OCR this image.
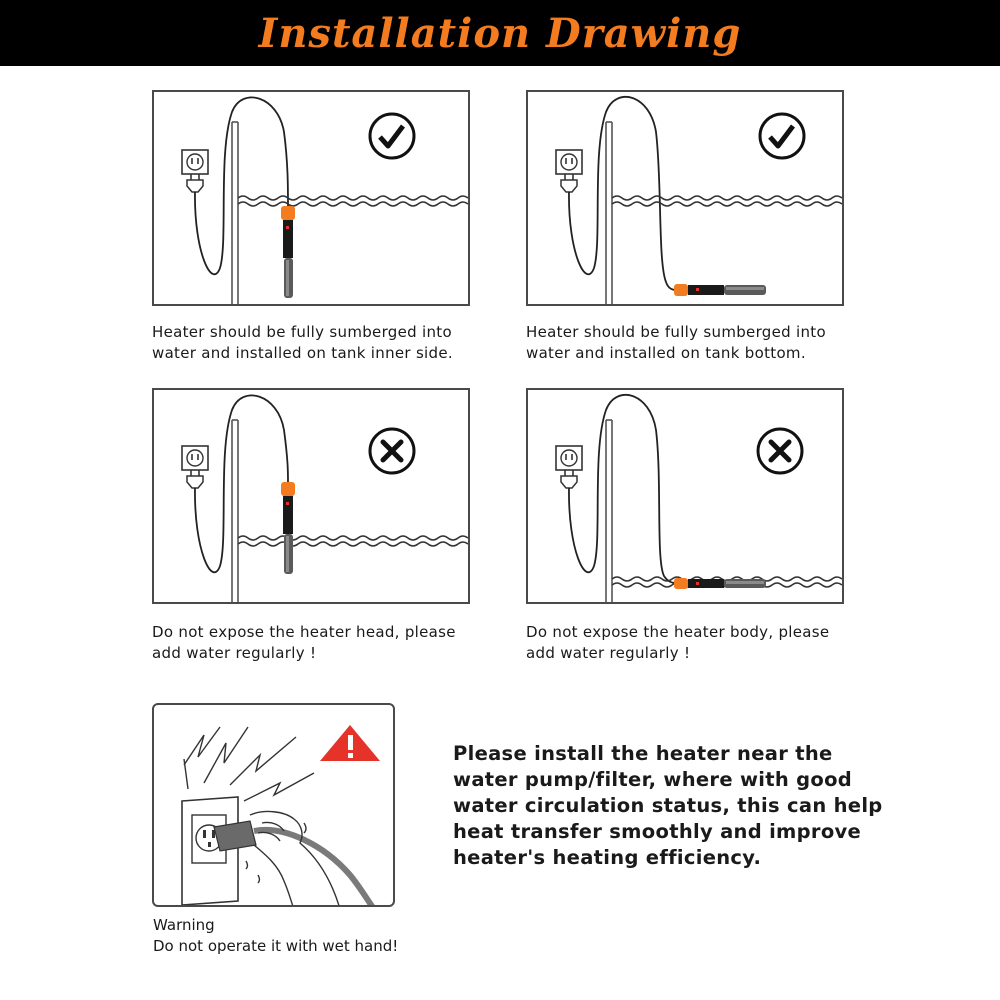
Installation Drawing
Heater should be fully sumberged into
water and installed on tank inner side.
Heater should be fully sumberged into
water and installed on tank bottom.
Do not expose the heater head, please
add water regularly !
Do not expose the heater body, please
add water regularly !
Warning
Do not operate it with wet hand!
Please install the heater near the
water pump/filter, where with good
water circulation status, this can help
heat transfer smoothly and improve
heater's heating efficiency.
